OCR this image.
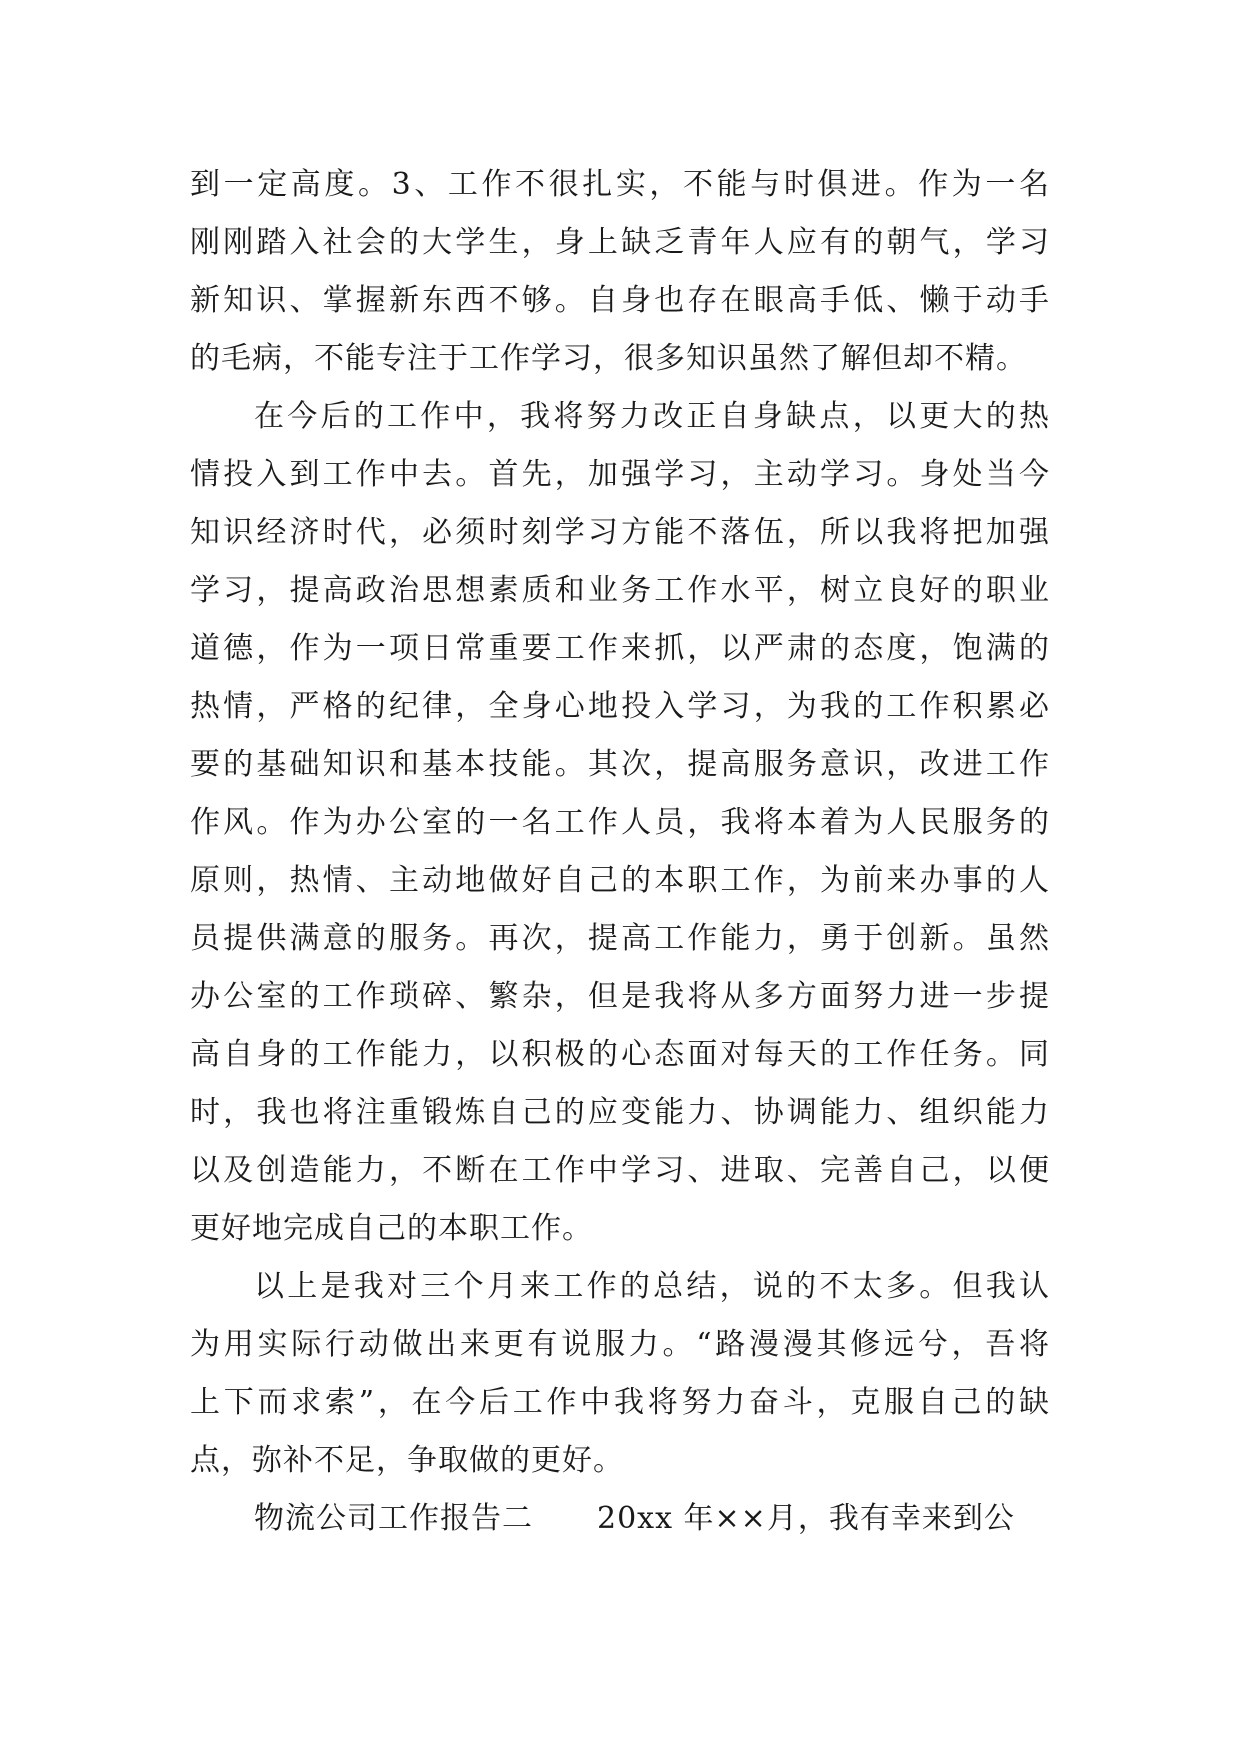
到一定高度。3、工作不很扎实，不能与时俱进。作为一名
刚刚踏入社会的大学生，身上缺乏青年人应有的朝气，学习
新知识、掌握新东西不够。自身也存在眼高手低、懒于动手
的毛病，不能专注于工作学习，很多知识虽然了解但却不精。
在今后的工作中，我将努力改正自身缺点，以更大的热
情投入到工作中去。首先，加强学习，主动学习。身处当今
知识经济时代，必须时刻学习方能不落伍，所以我将把加强
学习，提高政治思想素质和业务工作水平，树立良好的职业
道德，作为一项日常重要工作来抓，以严肃的态度，饱满的
热情，严格的纪律，全身心地投入学习，为我的工作积累必
要的基础知识和基本技能。其次，提高服务意识，改进工作
作风。作为办公室的一名工作人员，我将本着为人民服务的
原则，热情、主动地做好自己的本职工作，为前来办事的人
员提供满意的服务。再次，提高工作能力，勇于创新。虽然
办公室的工作琐碎、繁杂，但是我将从多方面努力进一步提
高自身的工作能力，以积极的心态面对每天的工作任务。同
时，我也将注重锻炼自己的应变能力、协调能力、组织能力
以及创造能力，不断在工作中学习、进取、完善自己，以便
更好地完成自己的本职工作。
以上是我对三个月来工作的总结，说的不太多。但我认
为用实际行动做出来更有说服力。“路漫漫其修远兮，吾将
上下而求索”，在今后工作中我将努力奋斗，克服自己的缺
点，弥补不足，争取做的更好。
物流公司工作报告二 20xx 年××月，我有幸来到公
